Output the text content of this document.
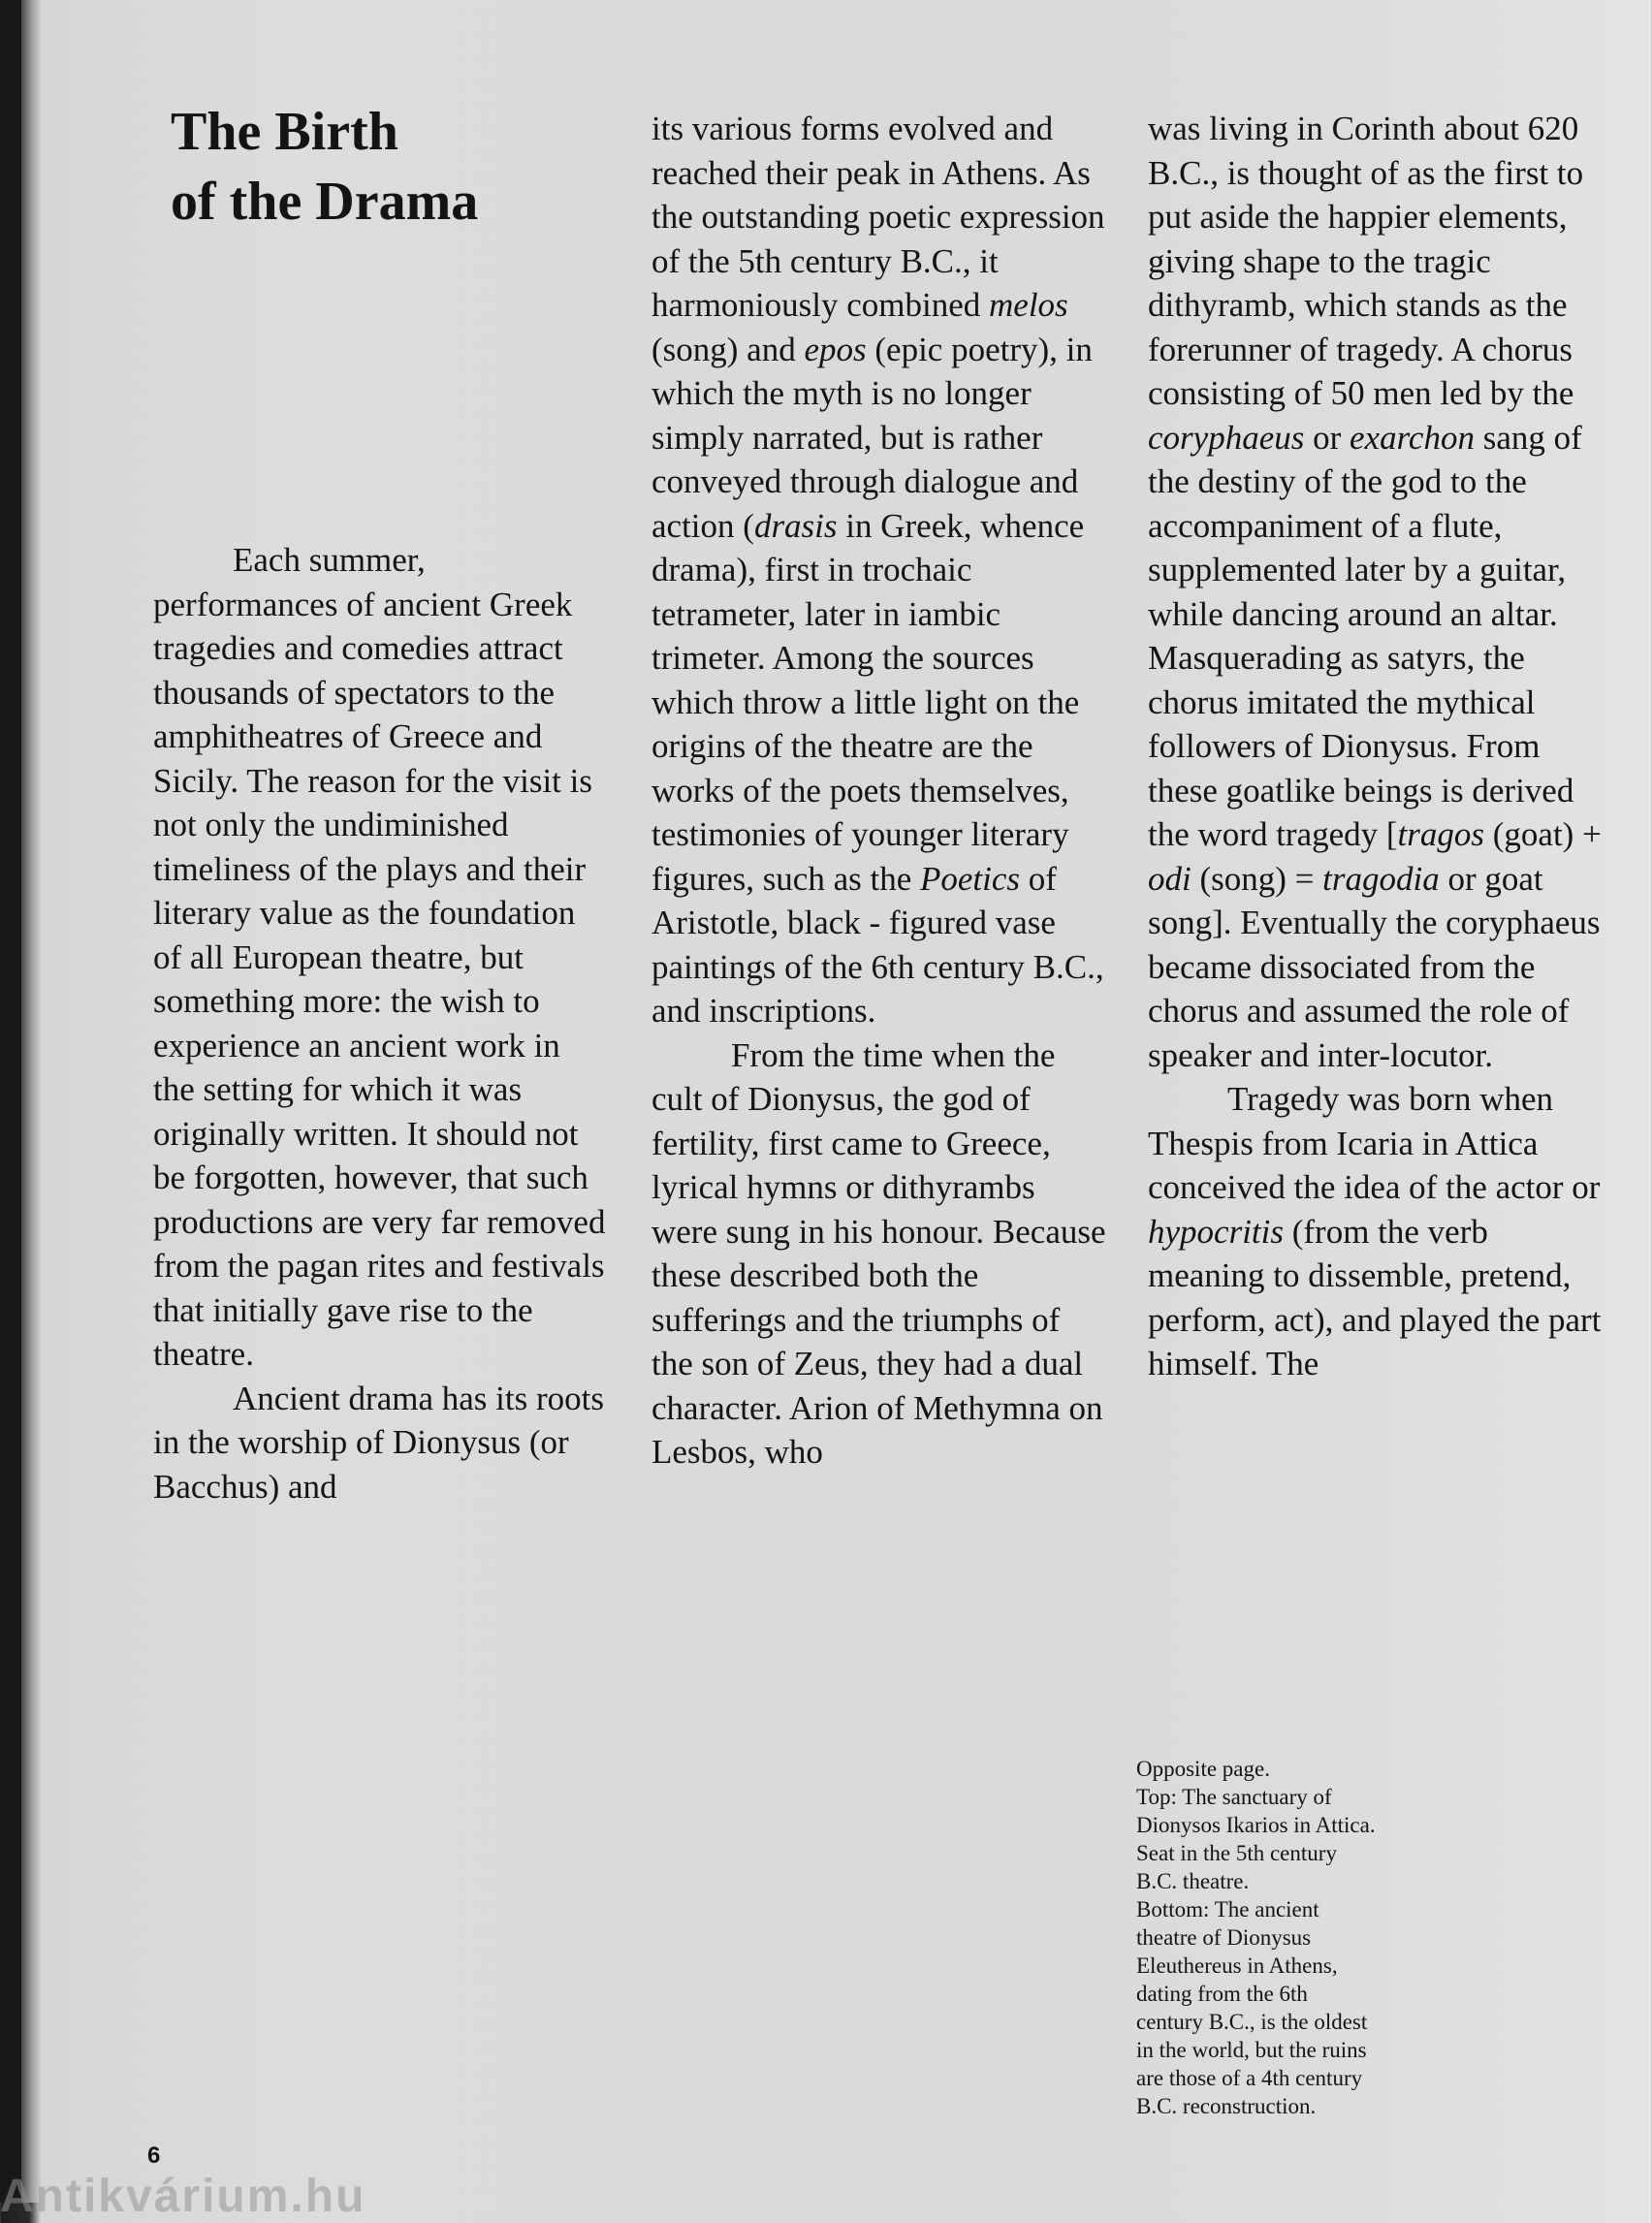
The Birth
of the Drama

Each summer, performances of ancient Greek tragedies and comedies attract thousands of spectators to the amphitheatres of Greece and Sicily. The reason for the visit is not only the undiminished timeliness of the plays and their literary value as the foundation of all European theatre, but something more: the wish to experience an ancient work in the setting for which it was originally written. It should not be forgotten, however, that such productions are very far removed from the pagan rites and festivals that initially gave rise to the theatre.

Ancient drama has its roots in the worship of Dionysus (or Bacchus) and

its various forms evolved and reached their peak in Athens. As the outstanding poetic expression of the 5th century B.C., it harmoniously combined melos (song) and epos (epic poetry), in which the myth is no longer simply narrated, but is rather conveyed through dialogue and action (drasis in Greek, whence drama), first in trochaic tetrameter, later in iambic trimeter. Among the sources which throw a little light on the origins of the theatre are the works of the poets themselves, testimonies of younger literary figures, such as the Poetics of Aristotle, black - figured vase paintings of the 6th century B.C., and inscriptions.

From the time when the cult of Dionysus, the god of fertility, first came to Greece, lyrical hymns or dithyrambs were sung in his honour. Because these described both the sufferings and the triumphs of the son of Zeus, they had a dual character. Arion of Methymna on Lesbos, who

was living in Corinth about 620 B.C., is thought of as the first to put aside the happier elements, giving shape to the tragic dithyramb, which stands as the forerunner of tragedy. A chorus consisting of 50 men led by the coryphaeus or exarchon sang of the destiny of the god to the accompaniment of a flute, supplemented later by a guitar, while dancing around an altar. Masquerading as satyrs, the chorus imitated the mythical followers of Dionysus. From these goatlike beings is derived the word tragedy [tragos (goat) + odi (song) = tragodia or goat song]. Eventually the coryphaeus became dissociated from the chorus and assumed the role of speaker and inter-locutor.

Tragedy was born when Thespis from Icaria in Attica conceived the idea of the actor or hypocritis (from the verb meaning to dissemble, pretend, perform, act), and played the part himself. The

Opposite page.
Top: The sanctuary of
Dionysos Ikarios in Attica.
Seat in the 5th century
B.C. theatre.
Bottom: The ancient
theatre of Dionysus
Eleuthereus in Athens,
dating from the 6th
century B.C., is the oldest
in the world, but the ruins
are those of a 4th century
B.C. reconstruction.
6
Antikvárium.hu
